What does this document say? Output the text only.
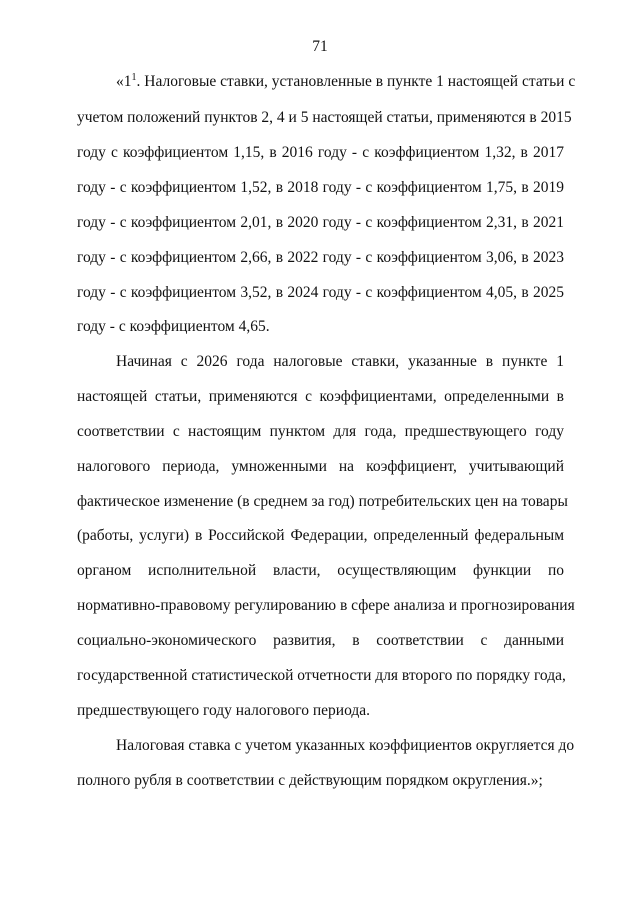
71
«$1^1$. Налоговые ставки, установленные в пункте 1 настоящей статьи с
учетом положений пунктов 2, 4 и 5 настоящей статьи, применяются в 2015
году с коэффициентом 1,15, в 2016 году - с коэффициентом 1,32, в 2017
году - с коэффициентом 1,52, в 2018 году - с коэффициентом 1,75, в 2019
году - с коэффициентом 2,01, в 2020 году - с коэффициентом 2,31, в 2021
году - с коэффициентом 2,66, в 2022 году - с коэффициентом 3,06, в 2023
году - с коэффициентом 3,52, в 2024 году - с коэффициентом 4,05, в 2025
году - с коэффициентом 4,65.
Начиная с 2026 года налоговые ставки, указанные в пункте 1
настоящей статьи, применяются с коэффициентами, определенными в
соответствии с настоящим пунктом для года, предшествующего году
налогового периода, умноженными на коэффициент, учитывающий
фактическое изменение (в среднем за год) потребительских цен на товары
(работы, услуги) в Российской Федерации, определенный федеральным
органом исполнительной власти, осуществляющим функции по
нормативно-правовому регулированию в сфере анализа и прогнозирования
социально-экономического развития, в соответствии с данными
государственной статистической отчетности для второго по порядку года,
предшествующего году налогового периода.
Налоговая ставка с учетом указанных коэффициентов округляется до
полного рубля в соответствии с действующим порядком округления.»;
